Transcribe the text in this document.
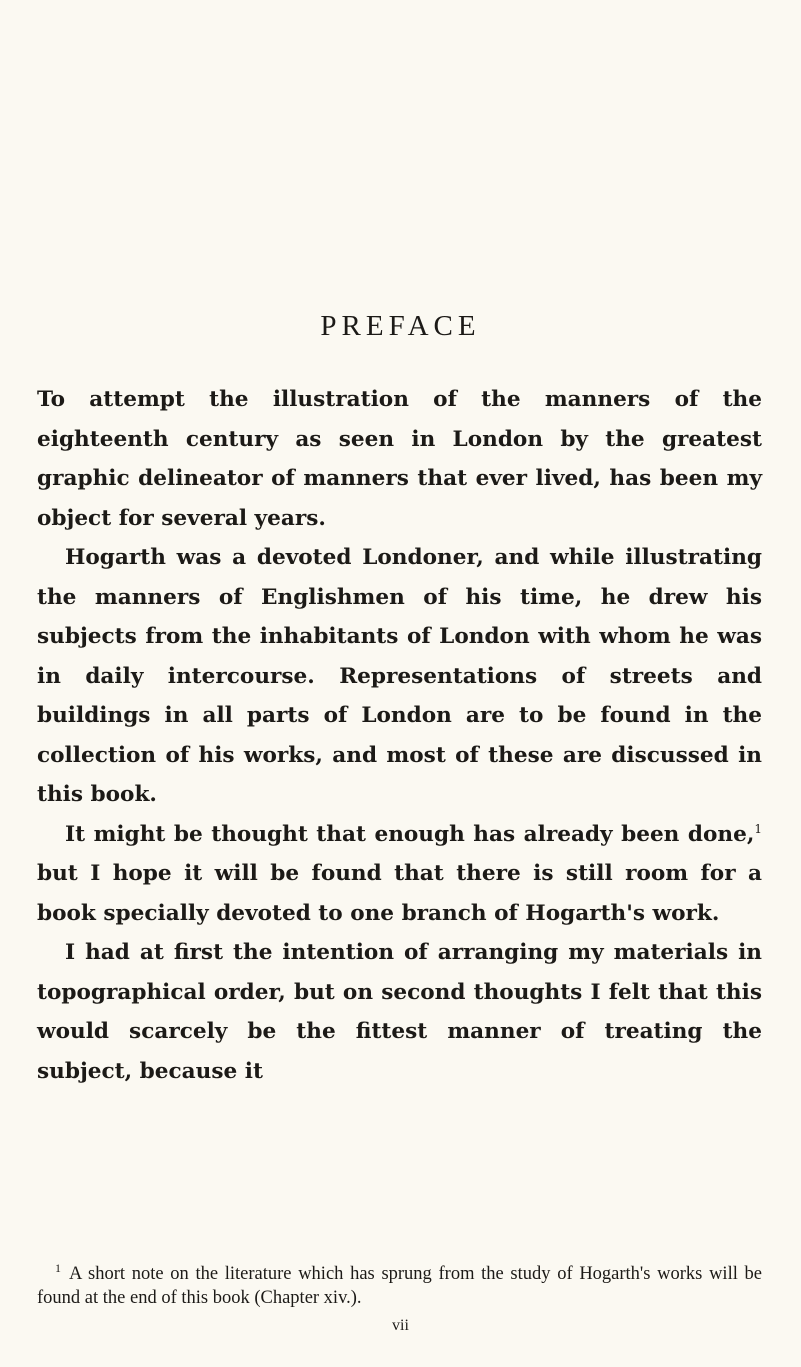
PREFACE

To attempt the illustration of the manners of the eighteenth century as seen in London by the greatest graphic delineator of manners that ever lived, has been my object for several years.

Hogarth was a devoted Londoner, and while illustrating the manners of Englishmen of his time, he drew his subjects from the inhabitants of London with whom he was in daily intercourse. Representations of streets and buildings in all parts of London are to be found in the collection of his works, and most of these are discussed in this book.

It might be thought that enough has already been done,$^1$ but I hope it will be found that there is still room for a book specially devoted to one branch of Hogarth's work.

I had at first the intention of arranging my materials in topographical order, but on second thoughts I felt that this would scarcely be the fittest manner of treating the subject, because it

$^1$ A short note on the literature which has sprung from the study of Hogarth's works will be found at the end of this book (Chapter xiv.).

vii
